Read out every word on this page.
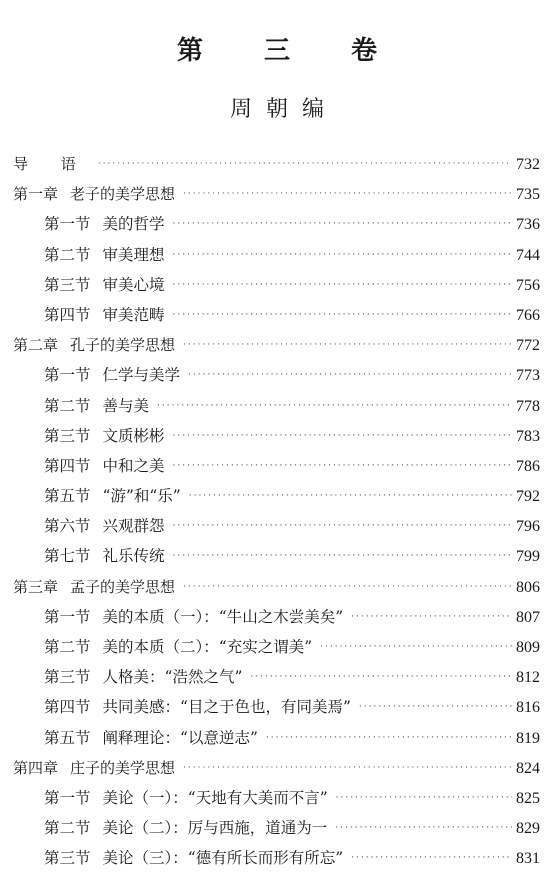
第 三 卷
周朝编
导 语 ·····	732
第一章 老子的美学思想 ·····	735
第一节 美的哲学 ·····	736
第二节 审美理想 ·····	744
第三节 审美心境 ·····	756
第四节 审美范畴 ·····	766
第二章 孔子的美学思想 ·····	772
第一节 仁学与美学 ·····	773
第二节 善与美 ·····	778
第三节 文质彬彬 ·····	783
第四节 中和之美 ·····	786
第五节 “游”和“乐” ·····	792
第六节 兴观群怨 ·····	796
第七节 礼乐传统 ·····	799
第三章 孟子的美学思想 ·····	806
第一节 美的本质（一）：“牛山之木尝美矣” ·····	807
第二节 美的本质（二）：“充实之谓美” ·····	809
第三节 人格美：“浩然之气” ·····	812
第四节 共同美感：“目之于色也，有同美焉” ·····	816
第五节 阐释理论：“以意逆志” ·····	819
第四章 庄子的美学思想 ·····	824
第一节 美论（一）：“天地有大美而不言” ·····	825
第二节 美论（二）：厉与西施，道通为一 ·····	829
第三节 美论（三）：“德有所长而形有所忘” ·····	831
